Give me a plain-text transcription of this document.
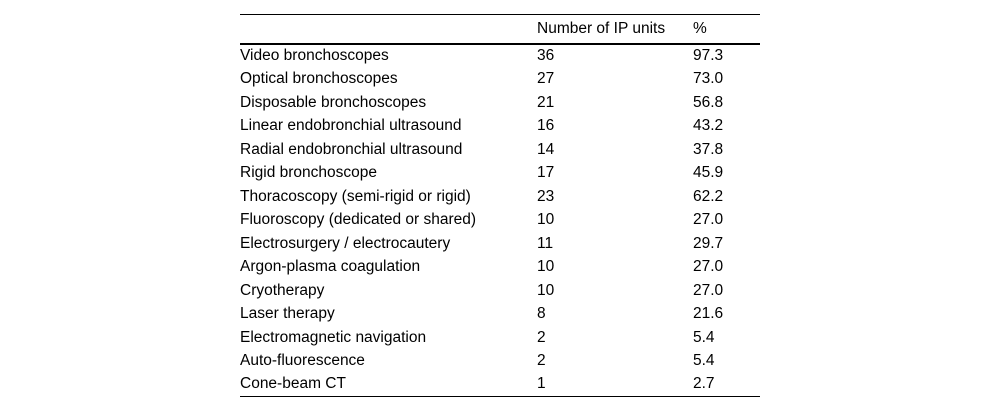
	Number of IP units	%
Video bronchoscopes	36	97.3
Optical bronchoscopes	27	73.0
Disposable bronchoscopes	21	56.8
Linear endobronchial ultrasound	16	43.2
Radial endobronchial ultrasound	14	37.8
Rigid bronchoscope	17	45.9
Thoracoscopy (semi-rigid or rigid)	23	62.2
Fluoroscopy (dedicated or shared)	10	27.0
Electrosurgery / electrocautery	11	29.7
Argon-plasma coagulation	10	27.0
Cryotherapy	10	27.0
Laser therapy	8	21.6
Electromagnetic navigation	2	5.4
Auto-fluorescence	2	5.4
Cone-beam CT	1	2.7
